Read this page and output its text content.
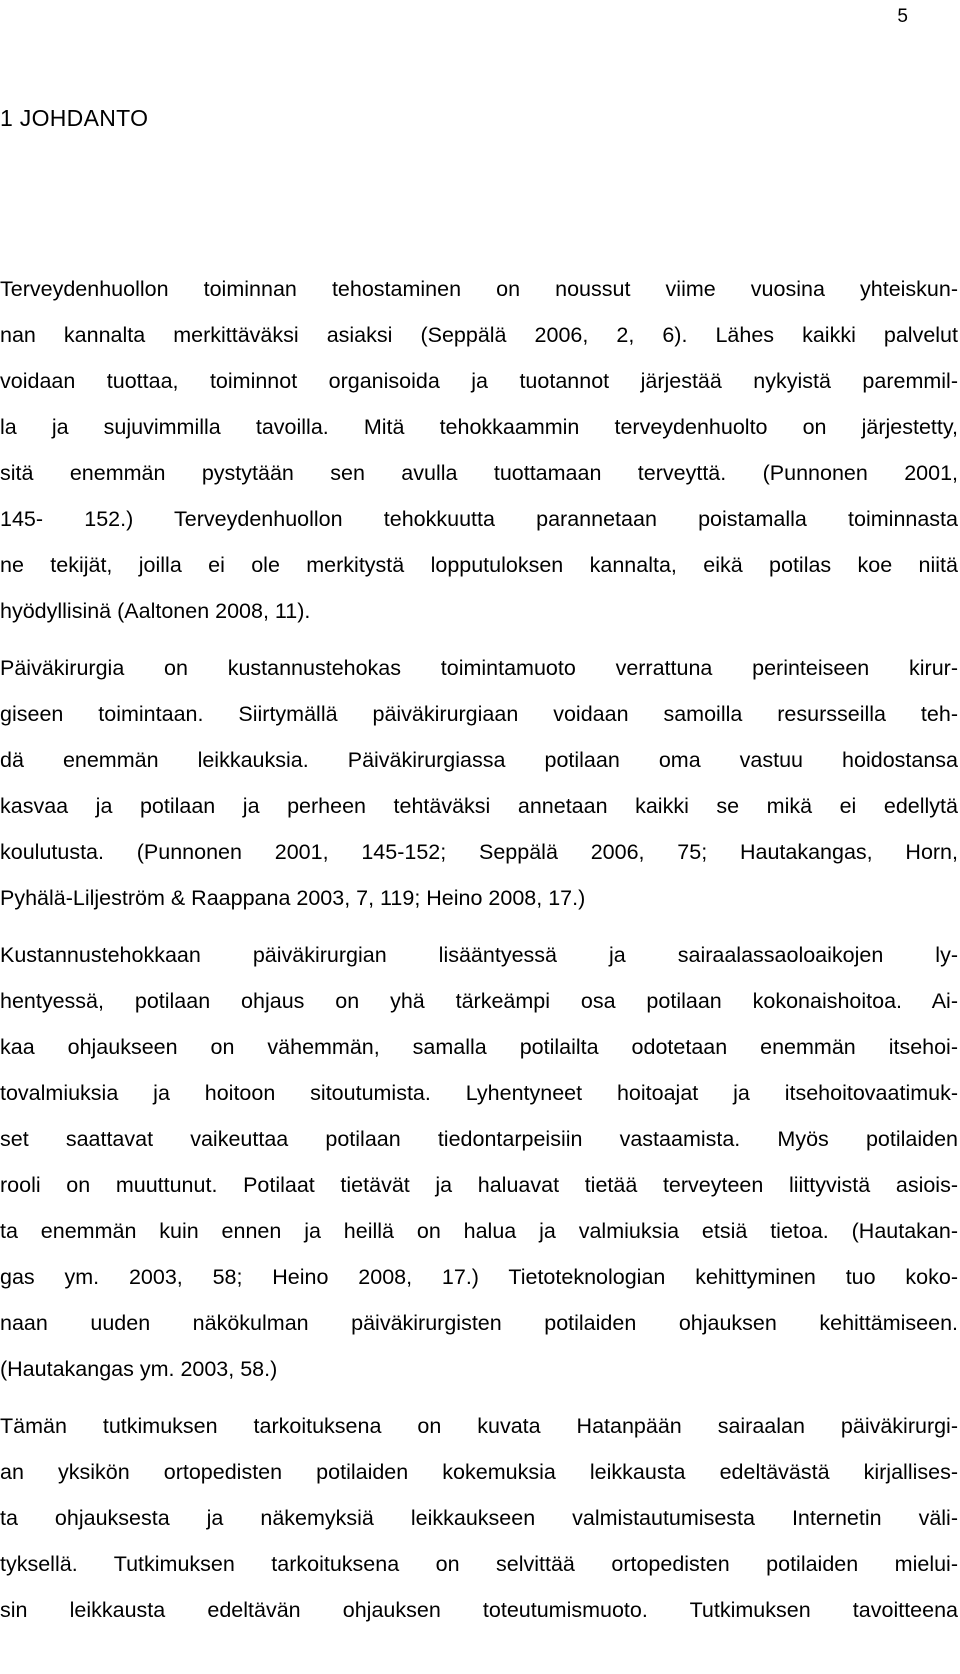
5
1 JOHDANTO
Terveydenhuollon toiminnan tehostaminen on noussut viime vuosina yhteiskun-
nan kannalta merkittäväksi asiaksi (Seppälä 2006, 2, 6). Lähes kaikki palvelut
voidaan tuottaa, toiminnot organisoida ja tuotannot järjestää nykyistä paremmil-
la ja sujuvimmilla tavoilla. Mitä tehokkaammin terveydenhuolto on järjestetty,
sitä enemmän pystytään sen avulla tuottamaan terveyttä. (Punnonen 2001,
145- 152.) Terveydenhuollon tehokkuutta parannetaan poistamalla toiminnasta
ne tekijät, joilla ei ole merkitystä lopputuloksen kannalta, eikä potilas koe niitä
hyödyllisinä (Aaltonen 2008, 11).
Päiväkirurgia on kustannustehokas toimintamuoto verrattuna perinteiseen kirur-
giseen toimintaan. Siirtymällä päiväkirurgiaan voidaan samoilla resursseilla teh-
dä enemmän leikkauksia. Päiväkirurgiassa potilaan oma vastuu hoidostansa
kasvaa ja potilaan ja perheen tehtäväksi annetaan kaikki se mikä ei edellytä
koulutusta. (Punnonen 2001, 145-152; Seppälä 2006, 75; Hautakangas, Horn,
Pyhälä-Liljeström & Raappana 2003, 7, 119; Heino 2008, 17.)
Kustannustehokkaan päiväkirurgian lisääntyessä ja sairaalassaoloaikojen ly-
hentyessä, potilaan ohjaus on yhä tärkeämpi osa potilaan kokonaishoitoa. Ai-
kaa ohjaukseen on vähemmän, samalla potilailta odotetaan enemmän itsehoi-
tovalmiuksia ja hoitoon sitoutumista. Lyhentyneet hoitoajat ja itsehoitovaatimuk-
set saattavat vaikeuttaa potilaan tiedontarpeisiin vastaamista. Myös potilaiden
rooli on muuttunut. Potilaat tietävät ja haluavat tietää terveyteen liittyvistä asiois-
ta enemmän kuin ennen ja heillä on halua ja valmiuksia etsiä tietoa. (Hautakan-
gas ym. 2003, 58; Heino 2008, 17.) Tietoteknologian kehittyminen tuo koko-
naan uuden näkökulman päiväkirurgisten potilaiden ohjauksen kehittämiseen.
(Hautakangas ym. 2003, 58.)
Tämän tutkimuksen tarkoituksena on kuvata Hatanpään sairaalan päiväkirurgi-
an yksikön ortopedisten potilaiden kokemuksia leikkausta edeltävästä kirjallises-
ta ohjauksesta ja näkemyksiä leikkaukseen valmistautumisesta Internetin väli-
tyksellä. Tutkimuksen tarkoituksena on selvittää ortopedisten potilaiden mielui-
sin leikkausta edeltävän ohjauksen toteutumismuoto. Tutkimuksen tavoitteena
